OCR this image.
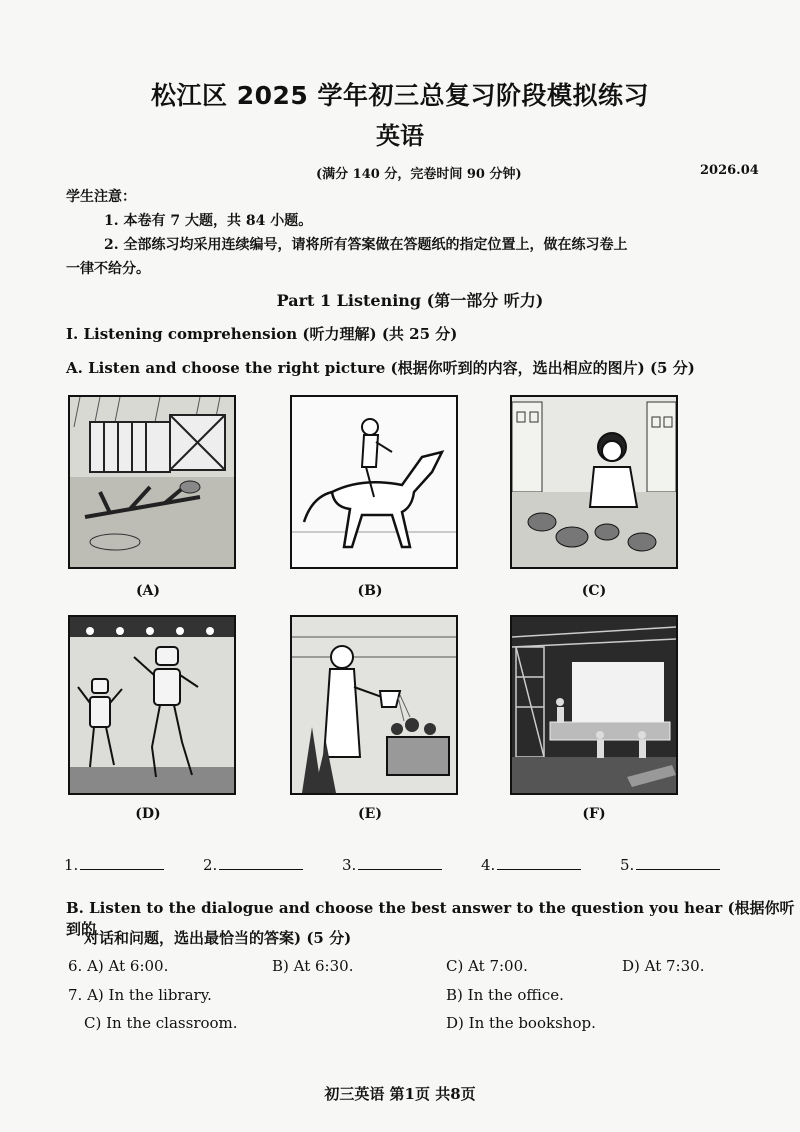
松江区 2025 学年初三总复习阶段模拟练习
英语
(满分 140 分，完卷时间 90 分钟)	2026.04
学生注意：
1. 本卷有 7 大题，共 84 小题。
2. 全部练习均采用连续编号，请将所有答案做在答题纸的指定位置上，做在练习卷上
一律不给分。
Part 1 Listening (第一部分 听力)
I. Listening comprehension (听力理解) (共 25 分)
A. Listen and choose the right picture (根据你听到的内容，选出相应的图片) (5 分)
(A)	(B)	(C)
(D)	(E)	(F)
1.	2.	3.	4.	5.
B. Listen to the dialogue and choose the best answer to the question you hear (根据你听到的
对话和问题，选出最恰当的答案) (5 分)
6. A) At 6:00.	B) At 6:30.	C) At 7:00.	D) At 7:30.
7. A) In the library.	B) In the office.
C) In the classroom.	D) In the bookshop.
初三英语 第1页 共8页
